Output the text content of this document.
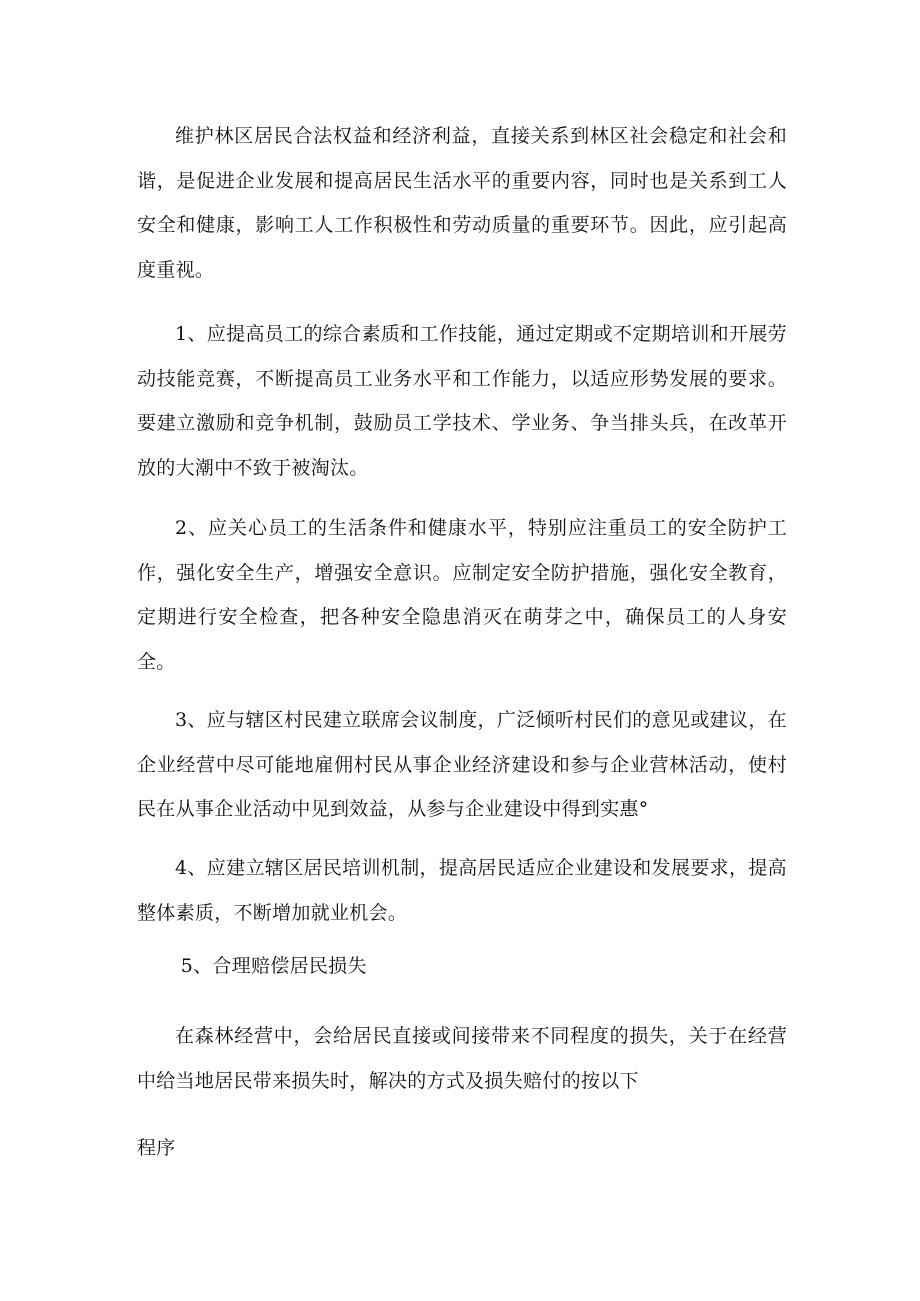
维护林区居民合法权益和经济利益，直接关系到林区社会稳定和社会和谐，是促进企业发展和提高居民生活水平的重要内容，同时也是关系到工人安全和健康，影响工人工作积极性和劳动质量的重要环节。因此，应引起高度重视。

1、应提高员工的综合素质和工作技能，通过定期或不定期培训和开展劳动技能竞赛，不断提高员工业务水平和工作能力，以适应形势发展的要求。要建立激励和竞争机制，鼓励员工学技术、学业务、争当排头兵，在改革开放的大潮中不致于被淘汰。

2、应关心员工的生活条件和健康水平，特别应注重员工的安全防护工作，强化安全生产，增强安全意识。应制定安全防护措施，强化安全教育，定期进行安全检查，把各种安全隐患消灭在萌芽之中，确保员工的人身安全。

3、应与辖区村民建立联席会议制度，广泛倾听村民们的意见或建议，在企业经营中尽可能地雇佣村民从事企业经济建设和参与企业营林活动，使村民在从事企业活动中见到效益，从参与企业建设中得到实惠°

4、应建立辖区居民培训机制，提高居民适应企业建设和发展要求，提高整体素质，不断增加就业机会。

5、合理赔偿居民损失

在森林经营中，会给居民直接或间接带来不同程度的损失，关于在经营中给当地居民带来损失时，解决的方式及损失赔付的按以下

程序
